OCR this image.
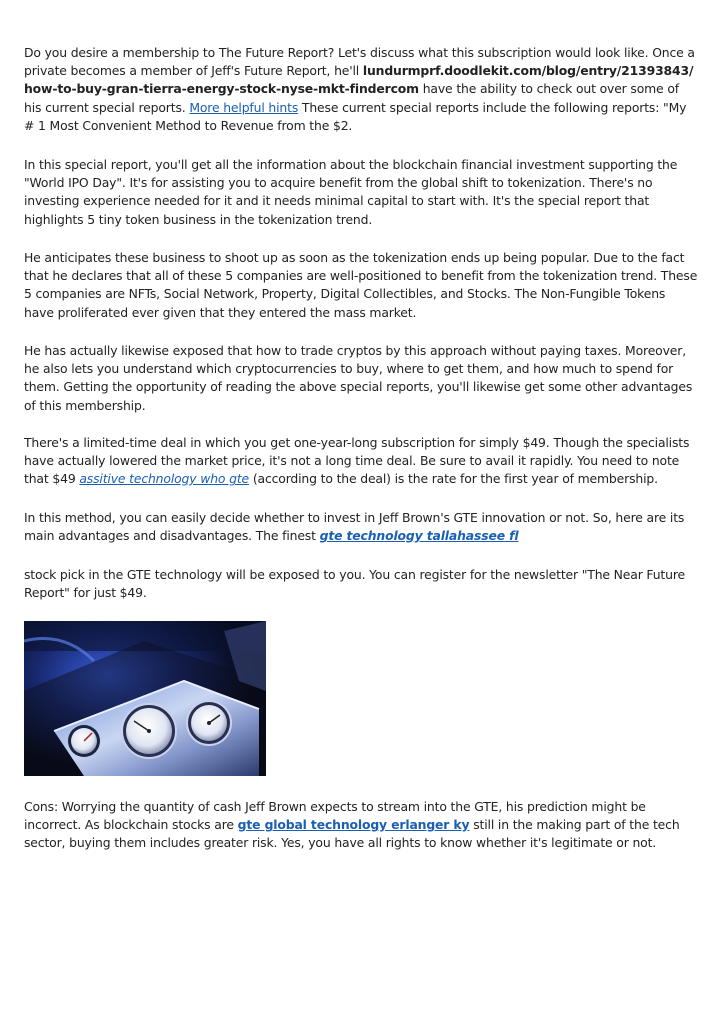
Do you desire a membership to The Future Report? Let's discuss what this subscription would look like. Once a private becomes a member of Jeff's Future Report, he'll lundurmprf.doodlekit.com/blog/entry/21393843/how-to-buy-gran-tierra-energy-stock-nyse-mkt-findercom have the ability to check out over some of his current special reports. More helpful hints These current special reports include the following reports: "My # 1 Most Convenient Method to Revenue from the $2.

In this special report, you'll get all the information about the blockchain financial investment supporting the "World IPO Day". It's for assisting you to acquire benefit from the global shift to tokenization. There's no investing experience needed for it and it needs minimal capital to start with. It's the special report that highlights 5 tiny token business in the tokenization trend.

He anticipates these business to shoot up as soon as the tokenization ends up being popular. Due to the fact that he declares that all of these 5 companies are well-positioned to benefit from the tokenization trend. These 5 companies are NFTs, Social Network, Property, Digital Collectibles, and Stocks. The Non-Fungible Tokens have proliferated ever given that they entered the mass market.

He has actually likewise exposed that how to trade cryptos by this approach without paying taxes. Moreover, he also lets you understand which cryptocurrencies to buy, where to get them, and how much to spend for them. Getting the opportunity of reading the above special reports, you'll likewise get some other advantages of this membership.

There's a limited-time deal in which you get one-year-long subscription for simply $49. Though the specialists have actually lowered the market price, it's not a long time deal. Be sure to avail it rapidly. You need to note that $49 assitive technology who gte (according to the deal) is the rate for the first year of membership.

In this method, you can easily decide whether to invest in Jeff Brown's GTE innovation or not. So, here are its main advantages and disadvantages. The finest gte technology tallahassee fl

stock pick in the GTE technology will be exposed to you. You can register for the newsletter "The Near Future Report" for just $49.

Cons: Worrying the quantity of cash Jeff Brown expects to stream into the GTE, his prediction might be incorrect. As blockchain stocks are gte global technology erlanger ky still in the making part of the tech sector, buying them includes greater risk. Yes, you have all rights to know whether it's legitimate or not.
